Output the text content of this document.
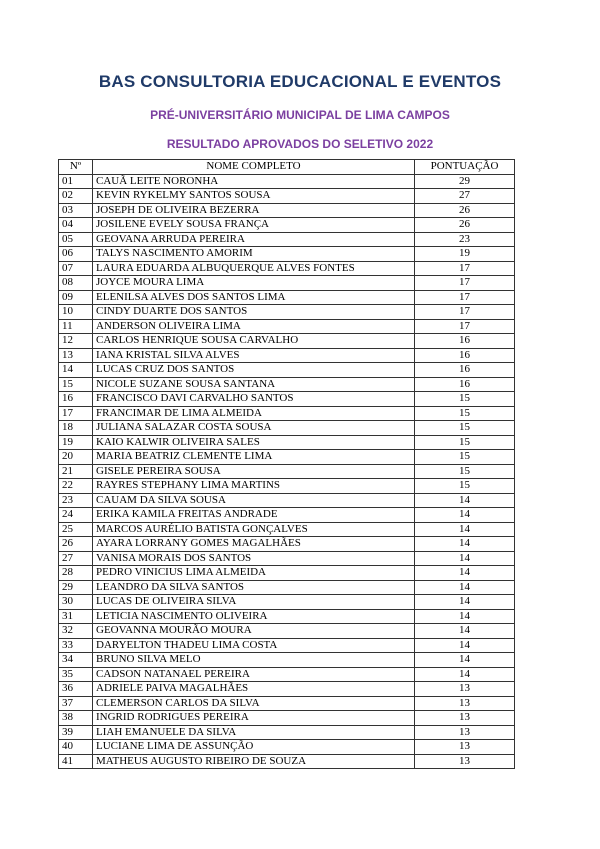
BAS CONSULTORIA EDUCACIONAL E EVENTOS
PRÉ-UNIVERSITÁRIO MUNICIPAL DE LIMA CAMPOS
RESULTADO APROVADOS DO SELETIVO 2022
Nº	NOME COMPLETO	PONTUAÇÃO
01	CAUÃ LEITE NORONHA	29
02	KEVIN RYKELMY SANTOS SOUSA	27
03	JOSEPH DE OLIVEIRA BEZERRA	26
04	JOSILENE EVELY SOUSA FRANÇA	26
05	GEOVANA ARRUDA PEREIRA	23
06	TALYS NASCIMENTO AMORIM	19
07	LAURA EDUARDA ALBUQUERQUE ALVES FONTES	17
08	JOYCE MOURA LIMA	17
09	ELENILSA ALVES DOS SANTOS LIMA	17
10	CINDY DUARTE DOS SANTOS	17
11	ANDERSON OLIVEIRA LIMA	17
12	CARLOS HENRIQUE SOUSA CARVALHO	16
13	IANA KRISTAL SILVA ALVES	16
14	LUCAS CRUZ DOS SANTOS	16
15	NICOLE SUZANE SOUSA SANTANA	16
16	FRANCISCO DAVI CARVALHO SANTOS	15
17	FRANCIMAR DE LIMA ALMEIDA	15
18	JULIANA SALAZAR COSTA SOUSA	15
19	KAIO KALWIR OLIVEIRA SALES	15
20	MARIA BEATRIZ CLEMENTE LIMA	15
21	GISELE PEREIRA SOUSA	15
22	RAYRES STEPHANY LIMA MARTINS	15
23	CAUAM DA SILVA SOUSA	14
24	ERIKA KAMILA FREITAS ANDRADE	14
25	MARCOS AURÉLIO BATISTA GONÇALVES	14
26	AYARA LORRANY GOMES MAGALHÃES	14
27	VANISA MORAIS DOS SANTOS	14
28	PEDRO VINICIUS LIMA ALMEIDA	14
29	LEANDRO DA SILVA SANTOS	14
30	LUCAS DE OLIVEIRA SILVA	14
31	LETICIA NASCIMENTO OLIVEIRA	14
32	GEOVANNA MOURÃO MOURA	14
33	DARYELTON THADEU LIMA COSTA	14
34	BRUNO SILVA MELO	14
35	CADSON NATANAEL PEREIRA	14
36	ADRIELE PAIVA MAGALHÃES	13
37	CLEMERSON CARLOS DA SILVA	13
38	INGRID RODRIGUES PEREIRA	13
39	LIAH EMANUELE DA SILVA	13
40	LUCIANE LIMA DE ASSUNÇÃO	13
41	MATHEUS AUGUSTO RIBEIRO DE SOUZA	13
